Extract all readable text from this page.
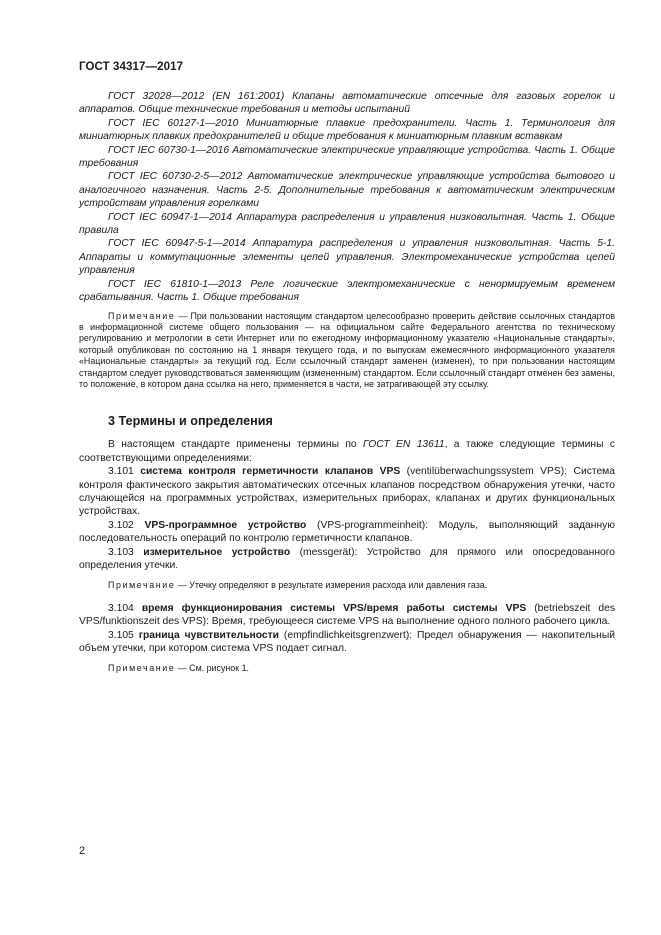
ГОСТ 34317—2017

ГОСТ 32028—2012 (EN 161:2001) Клапаны автоматические отсечные для газовых горелок и аппаратов. Общие технические требования и методы испытаний

ГОСТ IEC 60127-1—2010 Миниатюрные плавкие предохранители. Часть 1. Терминология для миниатюрных плавких предохранителей и общие требования к миниатюрным плавким вставкам

ГОСТ IEC 60730-1—2016 Автоматические электрические управляющие устройства. Часть 1. Общие требования

ГОСТ IEC 60730-2-5—2012 Автоматические электрические управляющие устройства бытового и аналогичного назначения. Часть 2-5. Дополнительные требования к автоматическим электрическим устройствам управления горелками

ГОСТ IEC 60947-1—2014 Аппаратура распределения и управления низковольтная. Часть 1. Общие правила

ГОСТ IEC 60947-5-1—2014 Аппаратура распределения и управления низковольтная. Часть 5-1. Аппараты и коммутационные элементы цепей управления. Электромеханические устройства цепей управления

ГОСТ IEC 61810-1—2013 Реле логические электромеханические с ненормируемым временем срабатывания. Часть 1. Общие требования

Примечание — При пользовании настоящим стандартом целесообразно проверить действие ссылочных стандартов в информационной системе общего пользования — на официальном сайте Федерального агентства по техническому регулированию и метрологии в сети Интернет или по ежегодному информационному указателю «Национальные стандарты», который опубликован по состоянию на 1 января текущего года, и по выпускам ежемесячного информационного указателя «Национальные стандарты» за текущий год. Если ссылочный стандарт заменен (изменен), то при пользовании настоящим стандартом следует руководствоваться заменяющим (измененным) стандартом. Если ссылочный стандарт отменен без замены, то положение, в котором дана ссылка на него, применяется в части, не затрагивающей эту ссылку.

3 Термины и определения

В настоящем стандарте применены термины по ГОСТ EN 13611, а также следующие термины с соответствующими определениями:

3.101 система контроля герметичности клапанов VPS (ventilüberwachungssystem VPS): Система контроля фактического закрытия автоматических отсечных клапанов посредством обнаружения утечки, часто случающейся на программных устройствах, измерительных приборах, клапанах и других функциональных устройствах.

3.102 VPS-программное устройство (VPS-programmeinheit): Модуль, выполняющий заданную последовательность операций по контролю герметичности клапанов.

3.103 измерительное устройство (messgerät): Устройство для прямого или опосредованного определения утечки.

Примечание — Утечку определяют в результате измерения расхода или давления газа.

3.104 время функционирования системы VPS/время работы системы VPS (betriebszeit des VPS/funktionszeit des VPS): Время, требующееся системе VPS на выполнение одного полного рабочего цикла.

3.105 граница чувствительности (empfindlichkeitsgrenzwert): Предел обнаружения — накопительный объем утечки, при котором система VPS подает сигнал.

Примечание — См. рисунок 1.

2
